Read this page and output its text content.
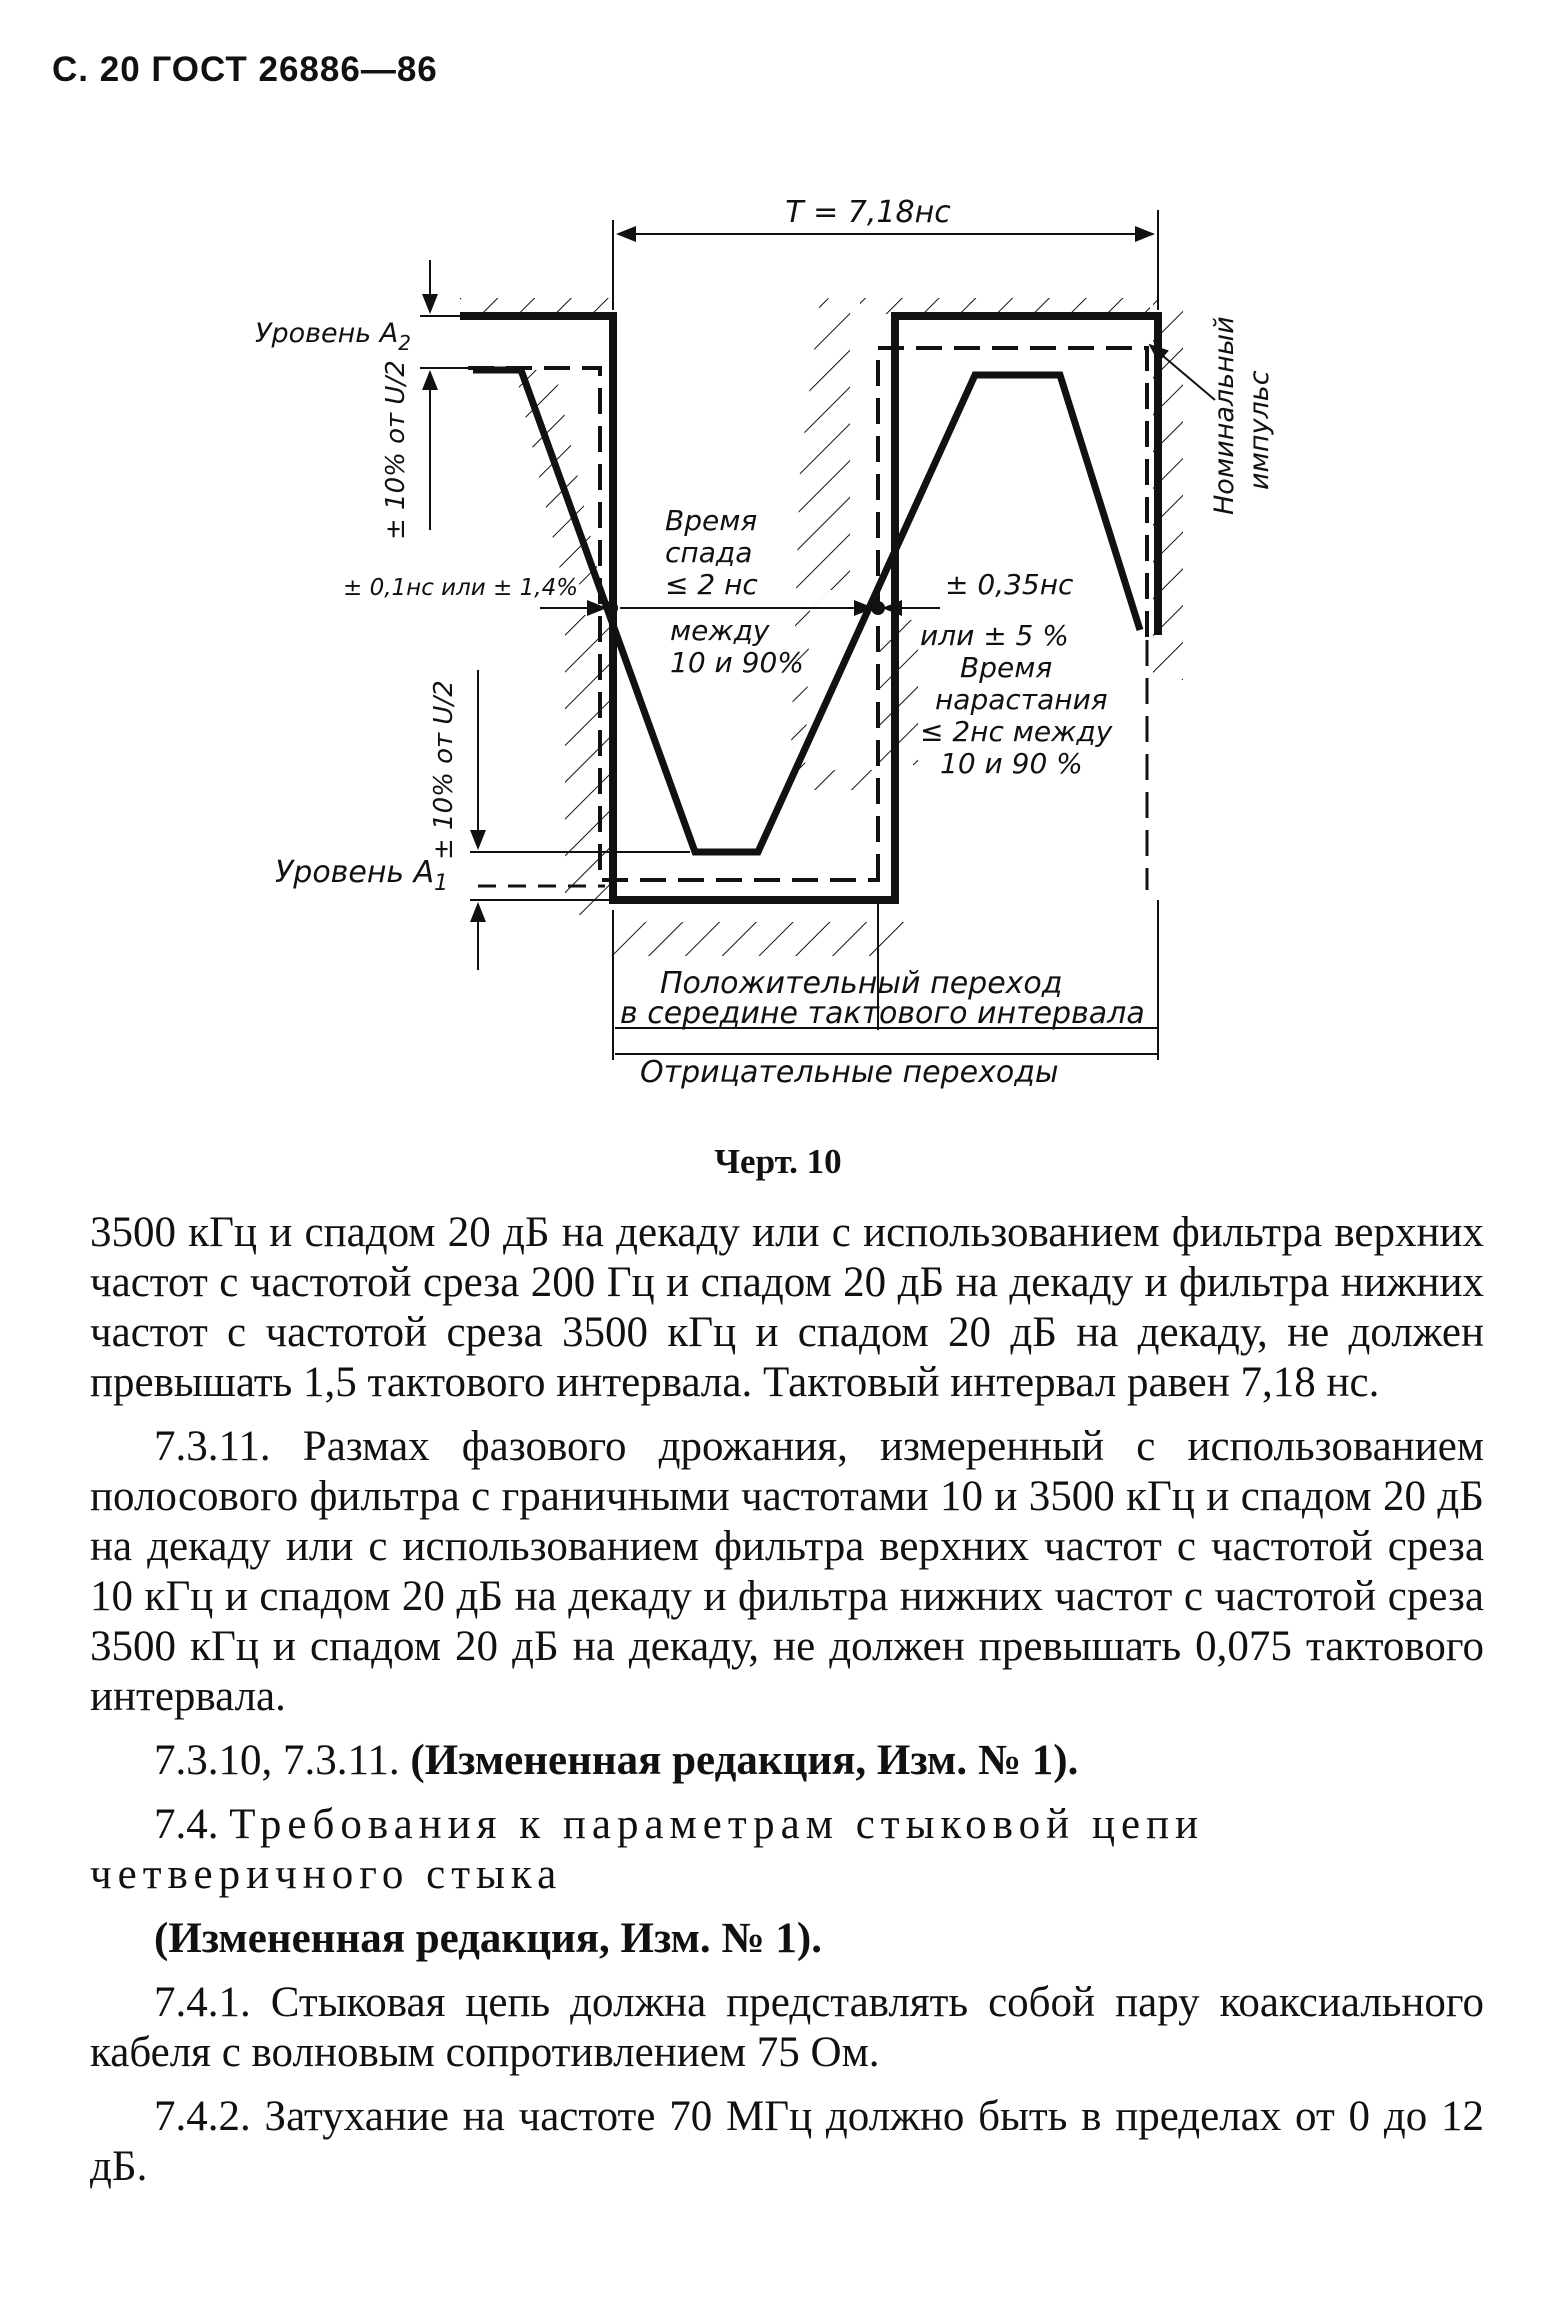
С. 20 ГОСТ 26886—86
T = 7,18нс
Уровень $A_2$
Уровень $A_1$
± 10% от U/2
± 10% от U/2
± 0,1нс или ± 1,4%
Время
спада
≤ 2 нс
между
10 и 90%
± 0,35нс
или ± 5 %
Время
нарастания
≤ 2нс между
10 и 90 %
Номинальный импульс
Положительный переход
в середине тактового интервала
Отрицательные переходы
Черт. 10

3500 кГц и спадом 20 дБ на декаду или с использованием фильтра верхних частот с частотой среза 200 Гц и спадом 20 дБ на декаду и фильтра нижних частот с частотой среза 3500 кГц и спадом 20 дБ на декаду, не должен превышать 1,5 тактового интервала. Тактовый интервал равен 7,18 нс.

7.3.11. Размах фазового дрожания, измеренный с использованием полосового фильтра с граничными частотами 10 и 3500 кГц и спадом 20 дБ на декаду или с использованием фильтра верхних частот с частотой среза 10 кГц и спадом 20 дБ на декаду и фильтра нижних частот с частотой среза 3500 кГц и спадом 20 дБ на декаду, не должен превышать 0,075 тактового интервала.

7.3.10, 7.3.11. (Измененная редакция, Изм. № 1).

7.4. Требования к параметрам стыковой цепи четверичного стыка

(Измененная редакция, Изм. № 1).

7.4.1. Стыковая цепь должна представлять собой пару коаксиального кабеля с волновым сопротивлением 75 Ом.

7.4.2. Затухание на частоте 70 МГц должно быть в пределах от 0 до 12 дБ.
